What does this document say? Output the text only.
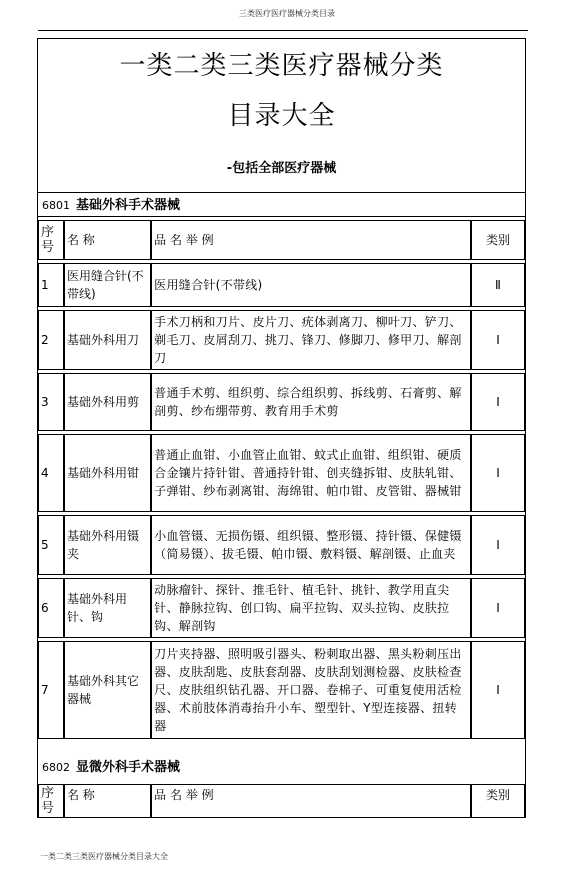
三类医疗医疗器械分类目录
一类二类三类医疗器械分类
目录大全
-包括全部医疗器械
6801 基础外科手术器械

序号	名 称	品 名 举 例	类别

1	医用缝合针(不带线)	医用缝合针(不带线)	Ⅱ

2	基础外科用刀	手术刀柄和刀片、皮片刀、疣体剥离刀、柳叶刀、铲刀、剃毛刀、皮屑刮刀、挑刀、锋刀、修脚刀、修甲刀、解剖刀	Ⅰ

3	基础外科用剪	普通手术剪、组织剪、综合组织剪、拆线剪、石膏剪、解剖剪、纱布绷带剪、教育用手术剪	Ⅰ

4	基础外科用钳	普通止血钳、小血管止血钳、蚊式止血钳、组织钳、硬质合金镶片持针钳、普通持针钳、创夹缝拆钳、皮肤轧钳、子弹钳、纱布剥离钳、海绵钳、帕巾钳、皮管钳、器械钳	Ⅰ

5	基础外科用镊夹	小血管镊、无损伤镊、组织镊、整形镊、持针镊、保健镊（简易镊）、拔毛镊、帕巾镊、敷料镊、解剖镊、止血夹	Ⅰ

6	基础外科用针、钩	动脉瘤针、探针、推毛针、植毛针、挑针、教学用直尖针、静脉拉钩、创口钩、扁平拉钩、双头拉钩、皮肤拉钩、解剖钩	Ⅰ

7	基础外科其它器械	刀片夹持器、照明吸引器头、粉刺取出器、黑头粉刺压出器、皮肤刮匙、皮肤套刮器、皮肤刮划测检器、皮肤检查尺、皮肤组织钻孔器、开口器、卷棉子、可重复使用活检器、术前肢体消毒抬升小车、塑型针、Y型连接器、扭转器	Ⅰ
6802 显微外科手术器械

序号	名 称	品 名 举 例	类别
一类二类三类医疗器械分类目录大全
